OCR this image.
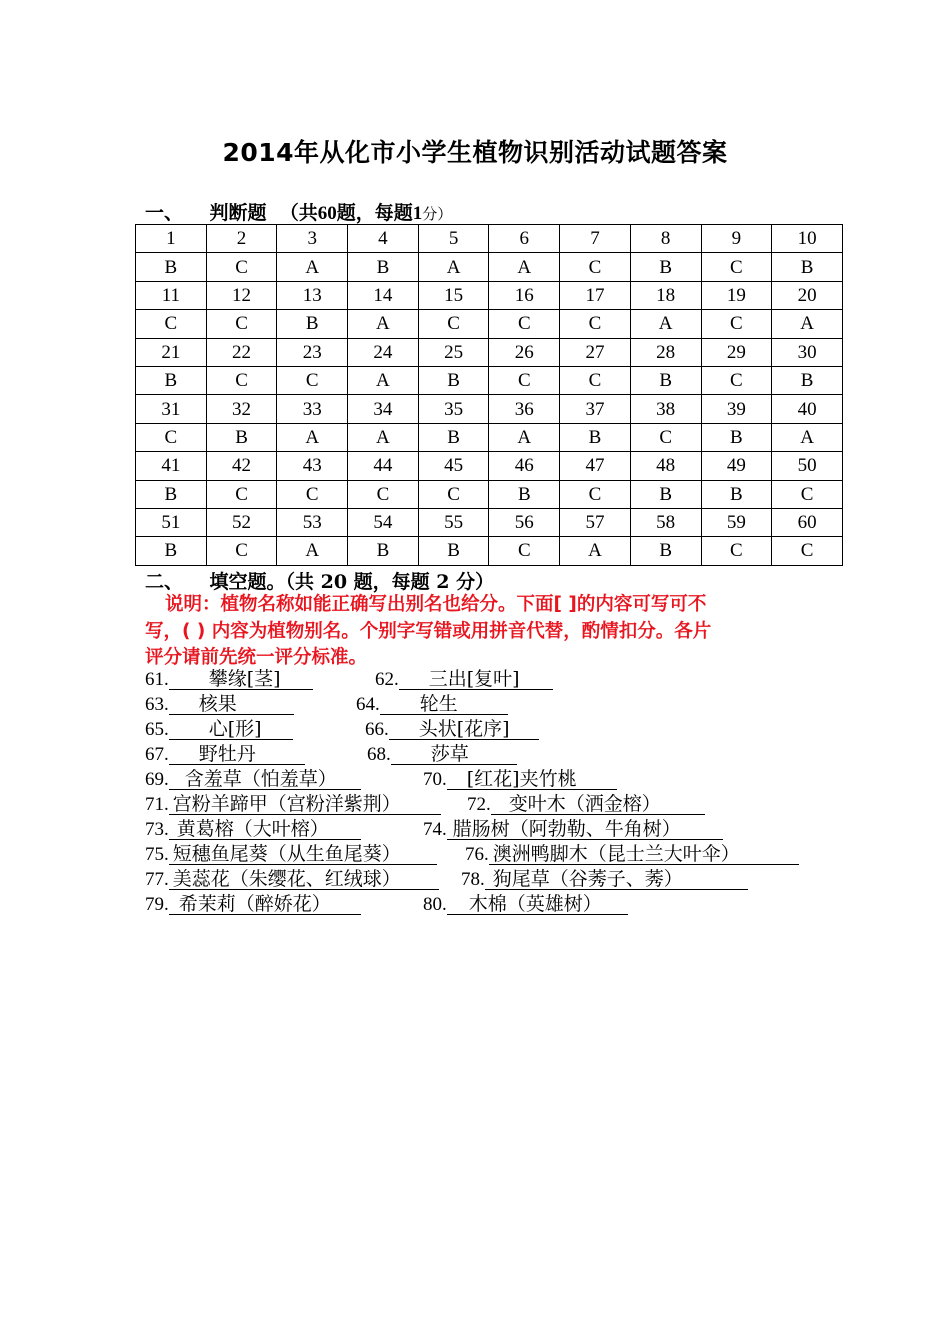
2014年从化市小学生植物识别活动试题答案
一、 判断题 （共60题，每题1分）
1	2	3	4	5	6	7	8	9	10
B	C	A	B	A	A	C	B	C	B
11	12	13	14	15	16	17	18	19	20
C	C	B	A	C	C	C	A	C	A
21	22	23	24	25	26	27	28	29	30
B	C	C	A	B	C	C	B	C	B
31	32	33	34	35	36	37	38	39	40
C	B	A	A	B	A	B	C	B	A
41	42	43	44	45	46	47	48	49	50
B	C	C	C	C	B	C	B	B	C
51	52	53	54	55	56	57	58	59	60
B	C	A	B	B	C	A	B	C	C
二、 填空题。（共 20 题，每题 2 分）
说明：植物名称如能正确写出别名也给分。下面[ ]的内容可写可不
写，( ) 内容为植物别名。个别字写错或用拼音代替，酌情扣分。各片
评分请前先统一评分标准。
61. 攀缘[茎]	62. 三出[复叶]
63. 核果	64. 轮生
65. 心[形]	66. 头状[花序]
67. 野牡丹	68. 莎草
69. 含羞草（怕羞草）	70. [红花]夹竹桃
71. 宫粉羊蹄甲（宫粉洋紫荆）	72. 变叶木（洒金榕）
73. 黄葛榕（大叶榕）	74. 腊肠树（阿勃勒、牛角树）
75. 短穗鱼尾葵（从生鱼尾葵）	76. 澳洲鸭脚木（昆士兰大叶伞）
77. 美蕊花（朱缨花、红绒球）	78. 狗尾草（谷莠子、莠）
79. 希茉莉（醉娇花）	80. 木棉（英雄树）
